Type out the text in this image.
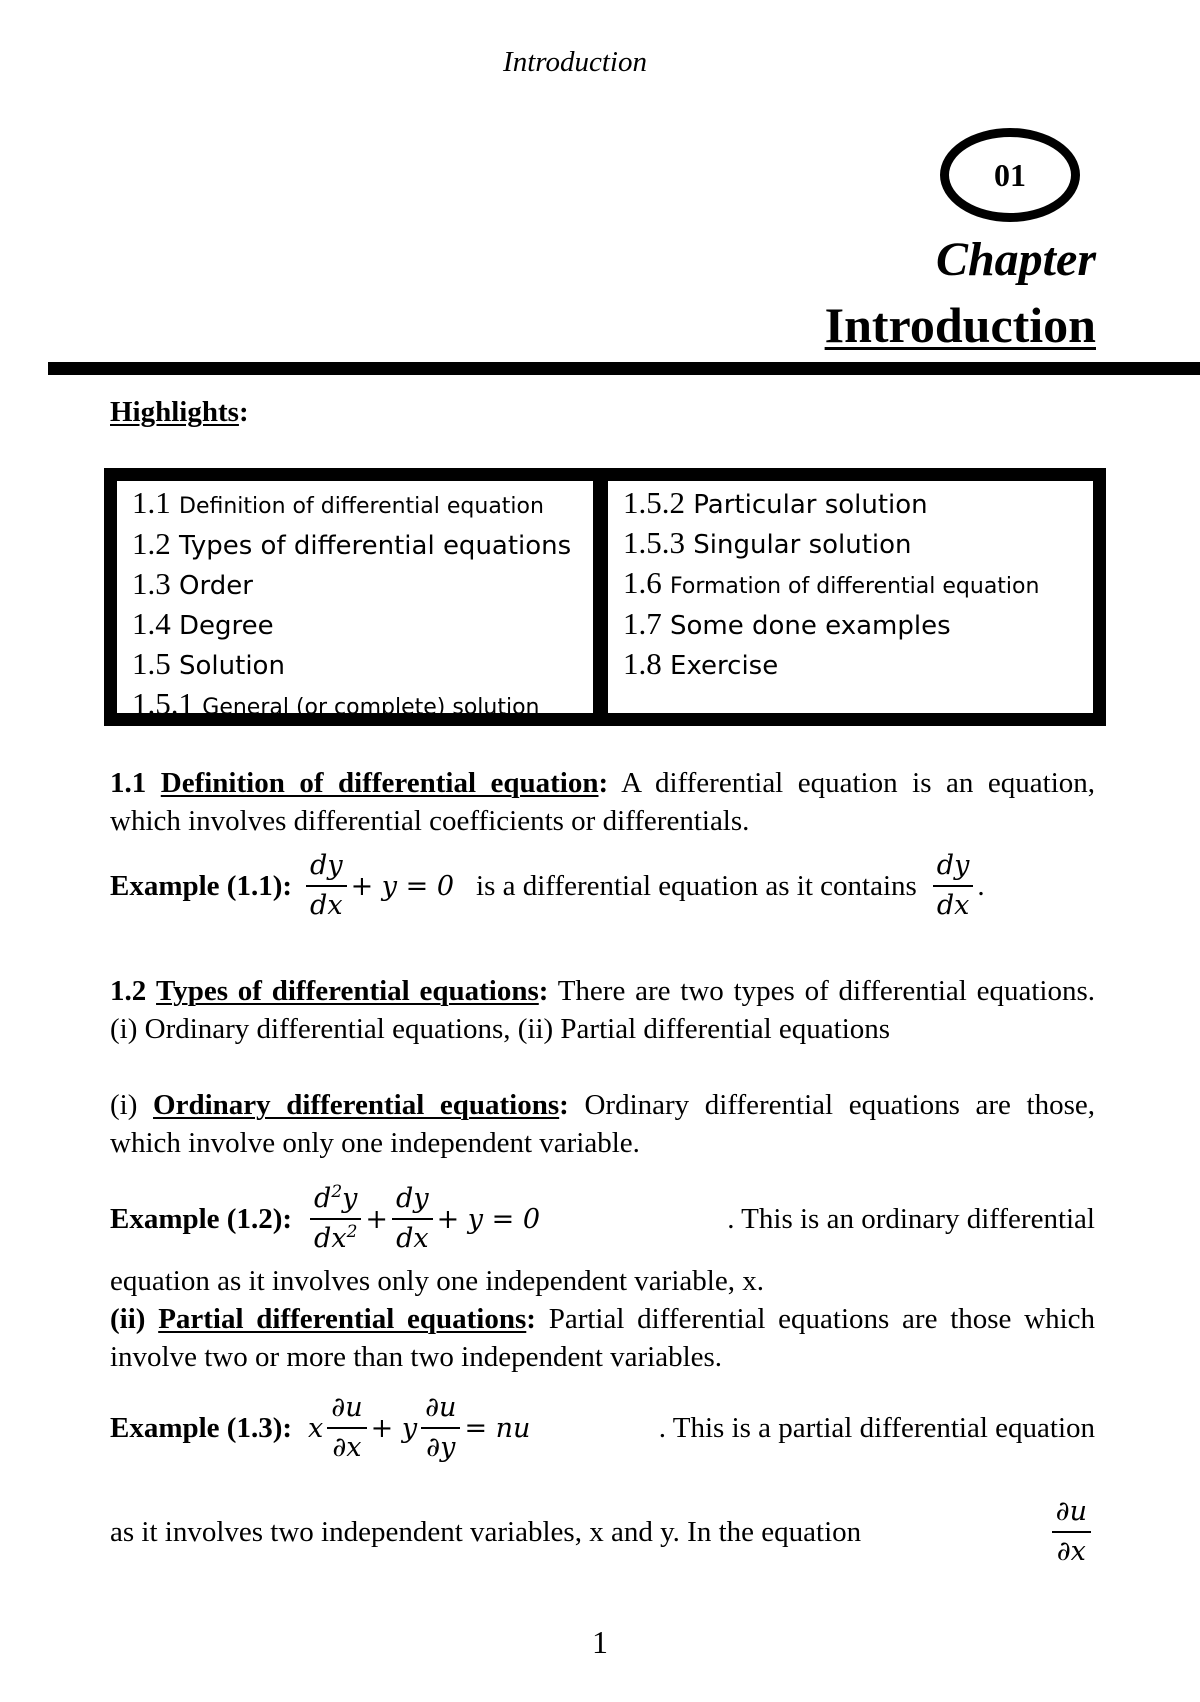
Introduction
01
Chapter
Introduction
Highlights:
1.1 Definition of differential equation
1.2 Types of differential equations
1.3 Order
1.4 Degree
1.5 Solution
1.5.1 General (or complete) solution
1.5.2 Particular solution
1.5.3 Singular solution
1.6 Formation of differential equation
1.7 Some done examples
1.8 Exercise
1.1 Definition of differential equation: A differential equation is an equation, which involves differential coefficients or differentials.
Example (1.1): $\frac{dy}{dx} + y = 0$ is a differential equation as it contains $\frac{dy}{dx}$ .
1.2 Types of differential equations: There are two types of differential equations. (i) Ordinary differential equations, (ii) Partial differential equations
(i) Ordinary differential equations: Ordinary differential equations are those, which involve only one independent variable.
Example (1.2): $\frac{d^2y}{dx^2} + \frac{dy}{dx} + y = 0$	. This is an ordinary differential
equation as it involves only one independent variable, x.
(ii) Partial differential equations: Partial differential equations are those which involve two or more than two independent variables.
Example (1.3): x $\frac{\partial u}{\partial x} + y \frac{\partial u}{\partial y}$ = nu	. This is a partial differential equation
as it involves two independent variables, x and y. In the equation	$\frac{\partial u}{\partial x}$
1
